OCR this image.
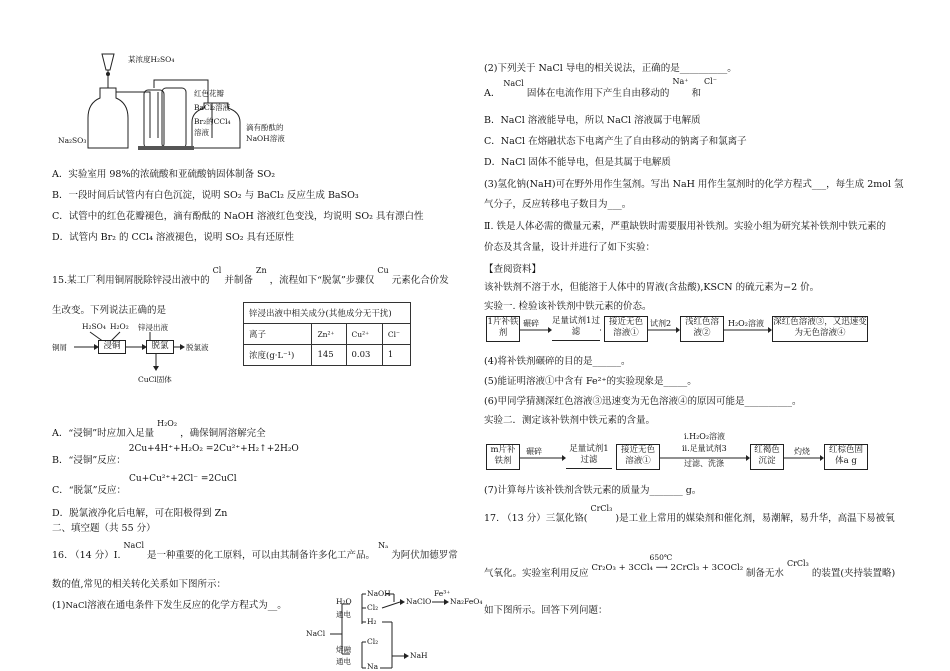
某浓度H₂SO₄
红色花瓣
BaCl₂溶液
Br₂的CCl₄
溶液
滴有酚酞的
NaOH溶液
Na₂SO₃
A．实验室用 98%的浓硫酸和亚硫酸钠固体制备 SO₂
B．一段时间后试管内有白色沉淀，说明 SO₂ 与 BaCl₂ 反应生成 BaSO₃
C．试管中的红色花瓣褪色，滴有酚酞的 NaOH 溶液红色变浅，均说明 SO₂ 具有漂白性
D．试管内 Br₂ 的 CCl₄ 溶液褪色，说明 SO₂ 具有还原性
15.某工厂利用铜屑脱除锌浸出液中的 $^{Cl}$ 并制备 $^{Zn}$ ，流程如下“脱氯”步骤仅 $^{Cu}$ 元素化合价发
生改变。下列说法正确的是
H₂SO₄ H₂O₂ 锌浸出液
铜屑	浸铜	脱氯	脱氯液
CuCl固体
锌浸出液中相关成分(其他成分无干扰)			
离子	Zn²⁺	Cu²⁺	Cl⁻
浓度(g·L⁻¹)	145	0.03	1
A．“浸铜”时应加入足量 $^{H_2O_2}$ ，确保铜屑溶解完全
B．“浸铜”反应： $^{2Cu+4H^++H_2O_2 =2Cu^{2+}+H_2↑+2H_2O}$
C．“脱氯”反应： $^{Cu+Cu^{2+}+2Cl^- =2CuCl}$
D．脱氯液净化后电解，可在阳极得到 Zn
二、填空题（共 55 分）
16. （14 分）I. $^{NaCl}$ 是一种重要的化工原料，可以由其制备许多化工产品。 $^{N_a}$ 为阿伏加德罗常
数的值,常见的相关转化关系如下图所示：
(1)NaCl溶液在通电条件下发生反应的化学方程式为__。
NaCl
H₂O
通电
NaOH
Cl₂
H₂
NaClO
Fe³⁺
Na₂FeO₄
熔融
通电
Cl₂
Na
NaH
(2)下列关于 NaCl 导电的相关说法，正确的是__________。
A． $^{NaCl}$ 固体在电流作用下产生自由移动的 $^{Na^+}$ 和 $^{Cl^-}$
B．NaCl 溶液能导电，所以 NaCl 溶液属于电解质
C．NaCl 在熔融状态下电离产生了自由移动的钠离子和氯离子
D．NaCl 固体不能导电，但是其属于电解质
(3)氢化钠(NaH)可在野外用作生氢剂。写出 NaH 用作生氢剂时的化学方程式___，每生成 2mol 氢
气分子，反应转移电子数目为___。
Ⅱ. 铁是人体必需的微量元素，严重缺铁时需要服用补铁剂。实验小组为研究某补铁剂中铁元素的
价态及其含量，设计并进行了如下实验：
【查阅资料】
该补铁剂不溶于水，但能溶于人体中的胃液(含盐酸),KSCN 的硫元素为−2 价。
实验一. 检验该补铁剂中铁元素的价态。
1片补铁剂
碾碎 足量试剂1过滤
接近无色溶液①
试剂2	浅红色溶液②
H₂O₂溶液 深红色溶液③，又迅速变为无色溶液④
(4)将补铁剂碾碎的目的是______。
(5)能证明溶液①中含有 Fe²⁺的实验现象是_____。
(6)甲同学猜测深红色溶液③迅速变为无色溶液④的原因可能是__________。
实验二．测定该补铁剂中铁元素的含量。
m片补铁剂
碾碎	足量试剂1过滤
接近无色溶液①
i.H₂O₂溶液
ii.足量试剂3
过滤、洗涤
红褐色沉淀
灼烧	红棕色固体a g
(7)计算每片该补铁剂含铁元素的质量为_______ g。
17. （13 分）三氯化铬( $^{CrCl_3}$ )是工业上常用的媒染剂和催化剂，易潮解，易升华，高温下易被氧
气氧化。实验室利用反应
650℃
Cr₂O₃ + 3CCl₄ ⟶ 2CrCl₃ + 3COCl₂ 制备无水 $^{CrCl_3}$ 的装置(夹持装置略)
如下图所示。回答下列问题：
